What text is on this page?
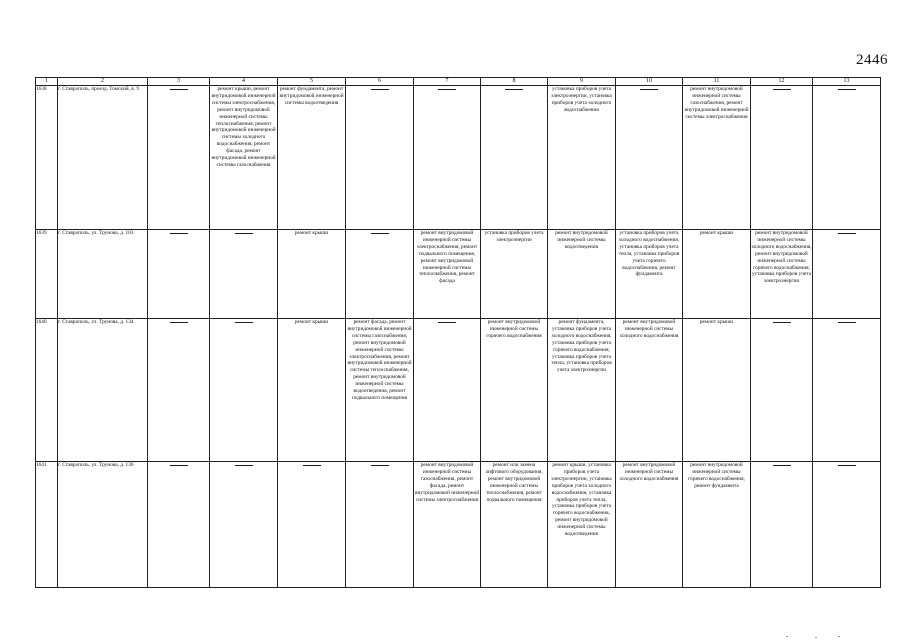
2446
1	2	3	4	5	6	7	8	9	10	11	12	13
1638	г. Ставрополь, проезд. Томский, в. 9		ремонт крыши, ремонт внутридомовой инженерной системы электроснабжения, ремонт внутридомовой инженерной системы теплоснабжения, ремонт внутридомовой инженерной системы холодного водоснабжения, ремонт фасада, ремонт внутридомовой инженерной системы газоснабжения	ремонт фундамента, ремонт внутридомовой инженерной системы водоотведения				установка приборов учета электроэнергии, установка приборов учета холодного водоснабжения		ремонт внутридомовой инженерной системы газоснабжения, ремонт внутридомовой инженерной системы электроснабжения	

1639	г. Ставрополь, ул. Трунова, д. 103			ремонт крыши		ремонт внутридомовой инженерной системы электроснабжения, ремонт подвального помещения, ремонт внутридомовой инженерной системы теплоснабжения, ремонт фасада	установка приборов учета электроэнергии	ремонт внутридомовой инженерной системы водоотведения	установка приборов учета холодного водоснабжения, установка приборов учета тепла, установка приборов учета горячего водоснабжения, ремонт фундамента	ремонт крыши	ремонт внутридомовой инженерной системы холодного водоснабжения, ремонт внутридомовой инженерной системы горячего водоснабжения, установка приборов учета электроэнергии	

1640	г. Ставрополь, ул. Трунова, д. 134			ремонт крыши	ремонт фасада, ремонт внутридомовой инженерной системы газоснабжения, ремонт внутридомовой инженерной системы электроснабжения, ремонт внутридомовой инженерной системы теплоснабжения, ремонт внутридомовой инженерной системы водоотведения, ремонт подвального помещения		ремонт внутридомовой инженерной системы горячего водоснабжения	ремонт фундамента, установка приборов учета холодного водоснабжения, установка приборов учета горячего водоснабжения, установка приборов учета тепла, установка приборов учета электроэнергии	ремонт внутридомовой инженерной системы холодного водоснабжения	ремонт крыши	

1641	г. Ставрополь, ул. Трунова, д. 136					ремонт внутридомовой инженерной системы газоснабжения, ремонт фасада, ремонт внутридомовой инженерной системы электроснабжения	ремонт или замена лифтового оборудования, ремонт внутридомовой инженерной системы теплоснабжения, ремонт подвального помещения	ремонт крыши, установка приборов учета электроэнергии, установка приборов учета холодного водоснабжения, установка приборов учета тепла, установка приборов учета горячего водоснабжения, ремонт внутридомовой инженерной системы водоотведения	ремонт внутридомовой инженерной системы холодного водоснабжения	ремонт внутридомовой инженерной системы горячего водоснабжения, ремонт фундамента	
